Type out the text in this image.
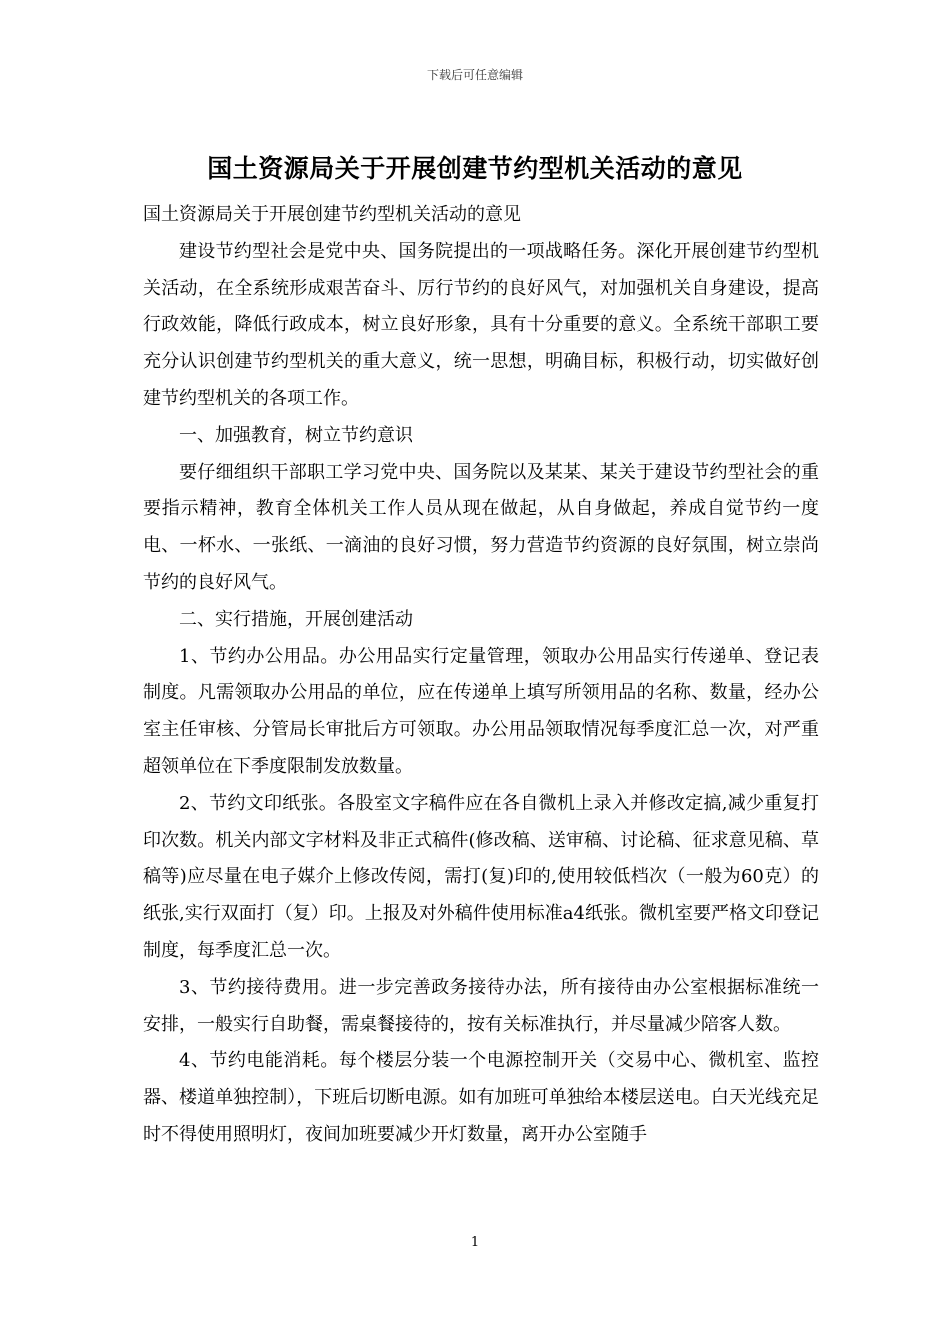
下载后可任意编辑
国土资源局关于开展创建节约型机关活动的意见

国土资源局关于开展创建节约型机关活动的意见

建设节约型社会是党中央、国务院提出的一项战略任务。深化开展创建节约型机关活动，在全系统形成艰苦奋斗、厉行节约的良好风气，对加强机关自身建设，提高行政效能，降低行政成本，树立良好形象，具有十分重要的意义。全系统干部职工要充分认识创建节约型机关的重大意义，统一思想，明确目标，积极行动，切实做好创建节约型机关的各项工作。

一、加强教育，树立节约意识

要仔细组织干部职工学习党中央、国务院以及某某、某关于建设节约型社会的重要指示精神，教育全体机关工作人员从现在做起，从自身做起，养成自觉节约一度电、一杯水、一张纸、一滴油的良好习惯，努力营造节约资源的良好氛围，树立崇尚节约的良好风气。

二、实行措施，开展创建活动

1、节约办公用品。办公用品实行定量管理，领取办公用品实行传递单、登记表制度。凡需领取办公用品的单位，应在传递单上填写所领用品的名称、数量，经办公室主任审核、分管局长审批后方可领取。办公用品领取情况每季度汇总一次，对严重超领单位在下季度限制发放数量。

2、节约文印纸张。各股室文字稿件应在各自微机上录入并修改定搞,减少重复打印次数。机关内部文字材料及非正式稿件(修改稿、送审稿、讨论稿、征求意见稿、草稿等)应尽量在电子媒介上修改传阅，需打(复)印的,使用较低档次（一般为60克）的纸张,实行双面打（复）印。上报及对外稿件使用标准a4纸张。微机室要严格文印登记制度，每季度汇总一次。

3、节约接待费用。进一步完善政务接待办法，所有接待由办公室根据标准统一安排，一般实行自助餐，需桌餐接待的，按有关标准执行，并尽量减少陪客人数。

4、节约电能消耗。每个楼层分装一个电源控制开关（交易中心、微机室、监控器、楼道单独控制），下班后切断电源。如有加班可单独给本楼层送电。白天光线充足时不得使用照明灯，夜间加班要减少开灯数量，离开办公室随手

1
